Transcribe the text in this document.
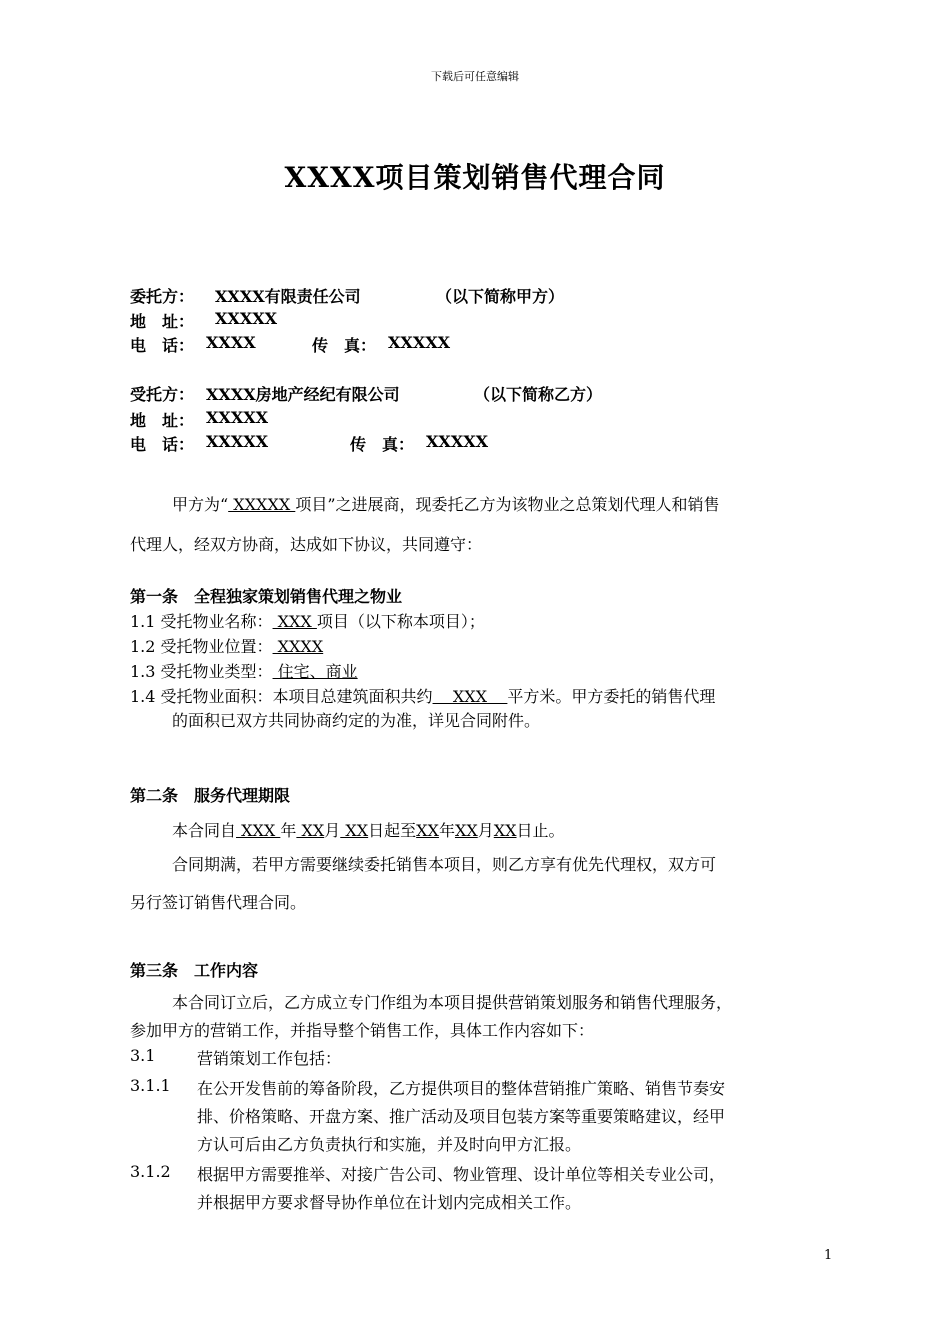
下载后可任意编辑
XXXX项目策划销售代理合同
委托方： XXXX有限责任公司	（以下简称甲方）
地　址： XXXXX
电　话： XXXX	传　真： XXXXX
受托方： XXXX房地产经纪有限公司	（以下简称乙方）
地　址： XXXXX
电　话： XXXXX	传　真： XXXXX
甲方为“ XXXXX 项目”之进展商，现委托乙方为该物业之总策划代理人和销售
代理人，经双方协商，达成如下协议，共同遵守：
第一条　全程独家策划销售代理之物业
1.1 受托物业名称： XXX 项目（以下称本项目）；
1.2 受托物业位置： XXXX
1.3 受托物业类型： 住宅、商业
1.4 受托物业面积：本项目总建筑面积共约    XXX    平方米。甲方委托的销售代理
的面积已双方共同协商约定的为准，详见合同附件。
第二条　服务代理期限
本合同自 XXX 年 XX月 XX日起至XX年XX月XX日止。
合同期满，若甲方需要继续委托销售本项目，则乙方享有优先代理权，双方可
另行签订销售代理合同。
第三条　工作内容
本合同订立后，乙方成立专门作组为本项目提供营销策划服务和销售代理服务，
参加甲方的营销工作，并指导整个销售工作，具体工作内容如下：
3.1	营销策划工作包括：
3.1.1 在公开发售前的筹备阶段，乙方提供项目的整体营销推广策略、销售节奏安
排、价格策略、开盘方案、推广活动及项目包装方案等重要策略建议，经甲
方认可后由乙方负责执行和实施，并及时向甲方汇报。
3.1.2 根据甲方需要推举、对接广告公司、物业管理、设计单位等相关专业公司，
并根据甲方要求督导协作单位在计划内完成相关工作。
1
